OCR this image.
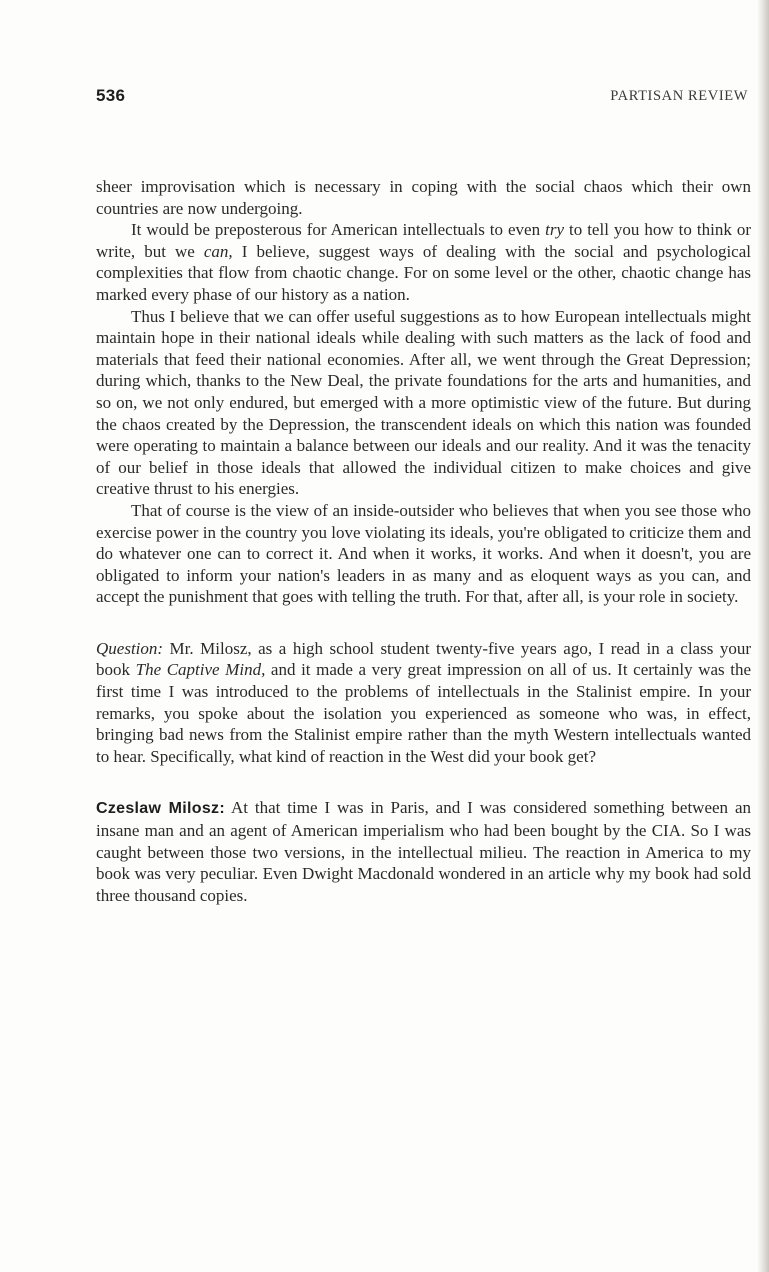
536	PARTISAN REVIEW

sheer improvisation which is necessary in coping with the social chaos which their own countries are now undergoing.

It would be preposterous for American intellectuals to even try to tell you how to think or write, but we can, I believe, suggest ways of dealing with the social and psychological complexities that flow from chaotic change. For on some level or the other, chaotic change has marked every phase of our history as a nation.

Thus I believe that we can offer useful suggestions as to how European intellectuals might maintain hope in their national ideals while dealing with such matters as the lack of food and materials that feed their national economies. After all, we went through the Great Depression; during which, thanks to the New Deal, the private foundations for the arts and humanities, and so on, we not only endured, but emerged with a more optimistic view of the future. But during the chaos created by the Depression, the transcendent ideals on which this nation was founded were operating to maintain a balance between our ideals and our reality. And it was the tenacity of our belief in those ideals that allowed the individual citizen to make choices and give creative thrust to his energies.

That of course is the view of an inside-outsider who believes that when you see those who exercise power in the country you love violating its ideals, you're obligated to criticize them and do whatever one can to correct it. And when it works, it works. And when it doesn't, you are obligated to inform your nation's leaders in as many and as eloquent ways as you can, and accept the punishment that goes with telling the truth. For that, after all, is your role in society.

Question: Mr. Milosz, as a high school student twenty-five years ago, I read in a class your book The Captive Mind, and it made a very great impression on all of us. It certainly was the first time I was introduced to the problems of intellectuals in the Stalinist empire. In your remarks, you spoke about the isolation you experienced as someone who was, in effect, bringing bad news from the Stalinist empire rather than the myth Western intellectuals wanted to hear. Specifically, what kind of reaction in the West did your book get?

Czeslaw Milosz: At that time I was in Paris, and I was considered something between an insane man and an agent of American imperialism who had been bought by the CIA. So I was caught between those two versions, in the intellectual milieu. The reaction in America to my book was very peculiar. Even Dwight Macdonald wondered in an article why my book had sold three thousand copies.
